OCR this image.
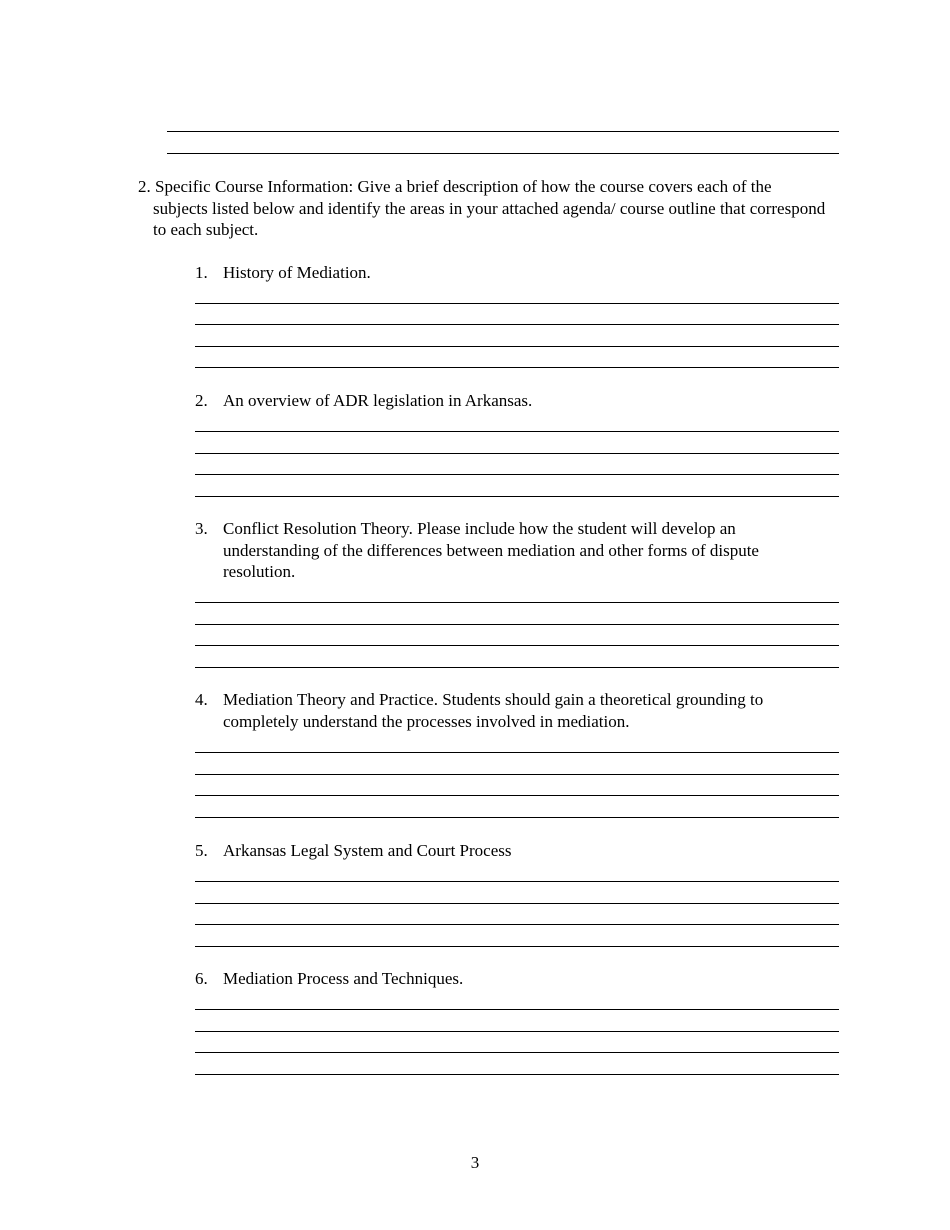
2. Specific Course Information: Give a brief description of how the course covers each of the
subjects listed below and identify the areas in your attached agenda/ course outline that correspond to each subject.
1. History of Mediation.
2. An overview of ADR legislation in Arkansas.
3. Conflict Resolution Theory. Please include how the student will develop an understanding of the differences between mediation and other forms of dispute resolution.
4. Mediation Theory and Practice. Students should gain a theoretical grounding to completely understand the processes involved in mediation.
5. Arkansas Legal System and Court Process
6. Mediation Process and Techniques.
3
